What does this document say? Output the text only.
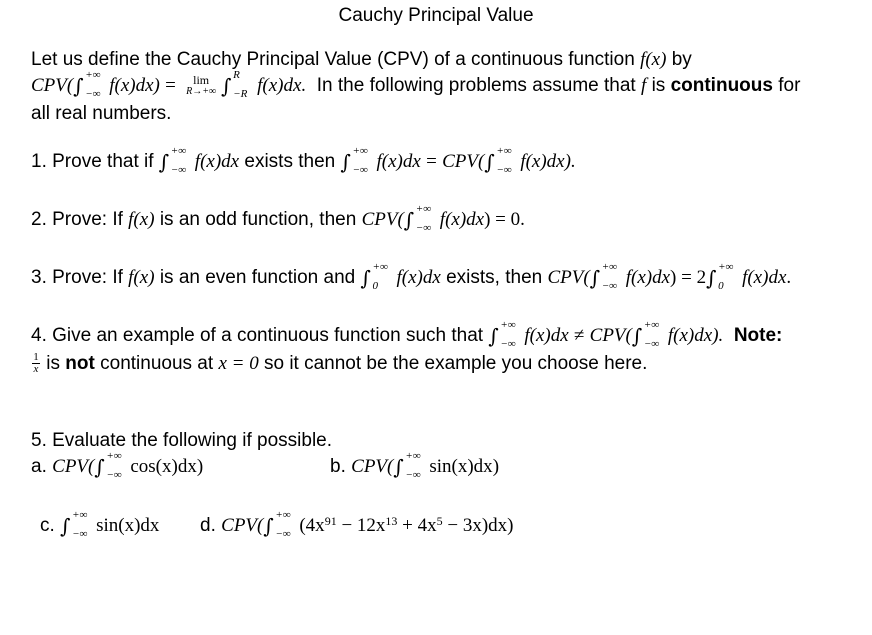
Cauchy Principal Value
Let us define the Cauchy Principal Value (CPV) of a continuous function f(x) by
CPV( ∫ +∞
−∞ f(x)dx) =	lim
R→+∞ ∫ R
−R f(x)dx. In the following problems assume that f is continuous for
all real numbers.
1. Prove that if ∫ +∞
−∞ f(x)dx exists then ∫ +∞
−∞ f(x)dx = CPV( ∫ +∞
−∞ f(x)dx).
2. Prove: If f(x) is an odd function, then CPV( ∫ +∞
−∞ f(x)dx) = 0.
3. Prove: If f(x) is an even function and ∫ +∞
0 f(x)dx exists, then CPV( ∫ +∞
−∞ f(x)dx) = 2 ∫ +∞
0 f(x)dx.
4. Give an example of a continuous function such that ∫ +∞
−∞ f(x)dx ≠ CPV( ∫ +∞
−∞ f(x)dx). Note:
$\frac{1}{x}$ is not continuous at x = 0 so it cannot be the example you choose here.
5. Evaluate the following if possible.
a. CPV( ∫ +∞
−∞ cos(x)dx)	b. CPV( ∫ +∞
−∞ sin(x)dx)
c. ∫ +∞
−∞ sin(x)dx d. CPV( ∫ +∞
−∞ $(4x^{91} - 12x^{13} + 4x^5 - 3x)dx$)
